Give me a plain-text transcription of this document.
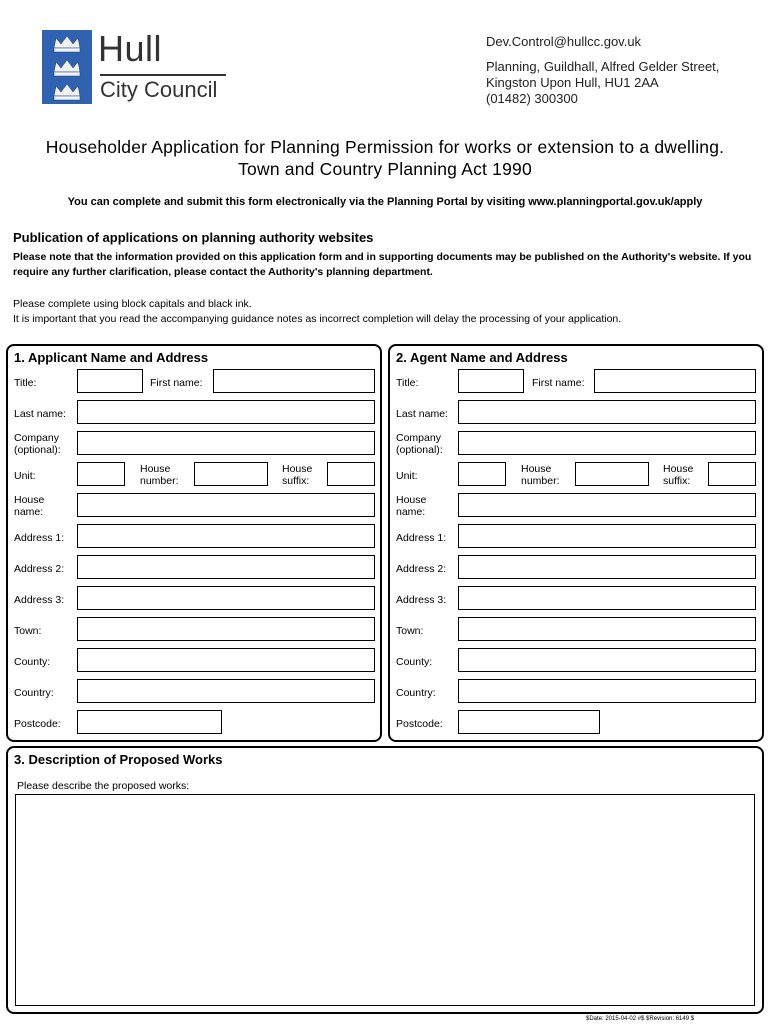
Hull
City Council
Dev.Control@hullcc.gov.uk
Planning, Guildhall, Alfred Gelder Street,
Kingston Upon Hull, HU1 2AA
(01482) 300300
Householder Application for Planning Permission for works or extension to a dwelling.
Town and Country Planning Act 1990
You can complete and submit this form electronically via the Planning Portal by visiting www.planningportal.gov.uk/apply
Publication of applications on planning authority websites
Please note that the information provided on this application form and in supporting documents may be published on the Authority's website. If you require any further clarification, please contact the Authority's planning department.
Please complete using block capitals and black ink.
It is important that you read the accompanying guidance notes as incorrect completion will delay the processing of your application.
1. Applicant Name and Address
Title:	First name:
Last name:
Company
(optional):
Unit:
House
number:
House
suffix:
House
name:
Address 1:
Address 2:
Address 3:
Town:
County:
Country:
Postcode:
2. Agent Name and Address
Title:	First name:
Last name:
Company
(optional):
Unit:
House
number:
House
suffix:
House
name:
Address 1:
Address 2:
Address 3:
Town:
County:
Country:
Postcode:
3. Description of Proposed Works
Please describe the proposed works:
$Date: 2015-04-02 #$ $Revision: 6149 $
